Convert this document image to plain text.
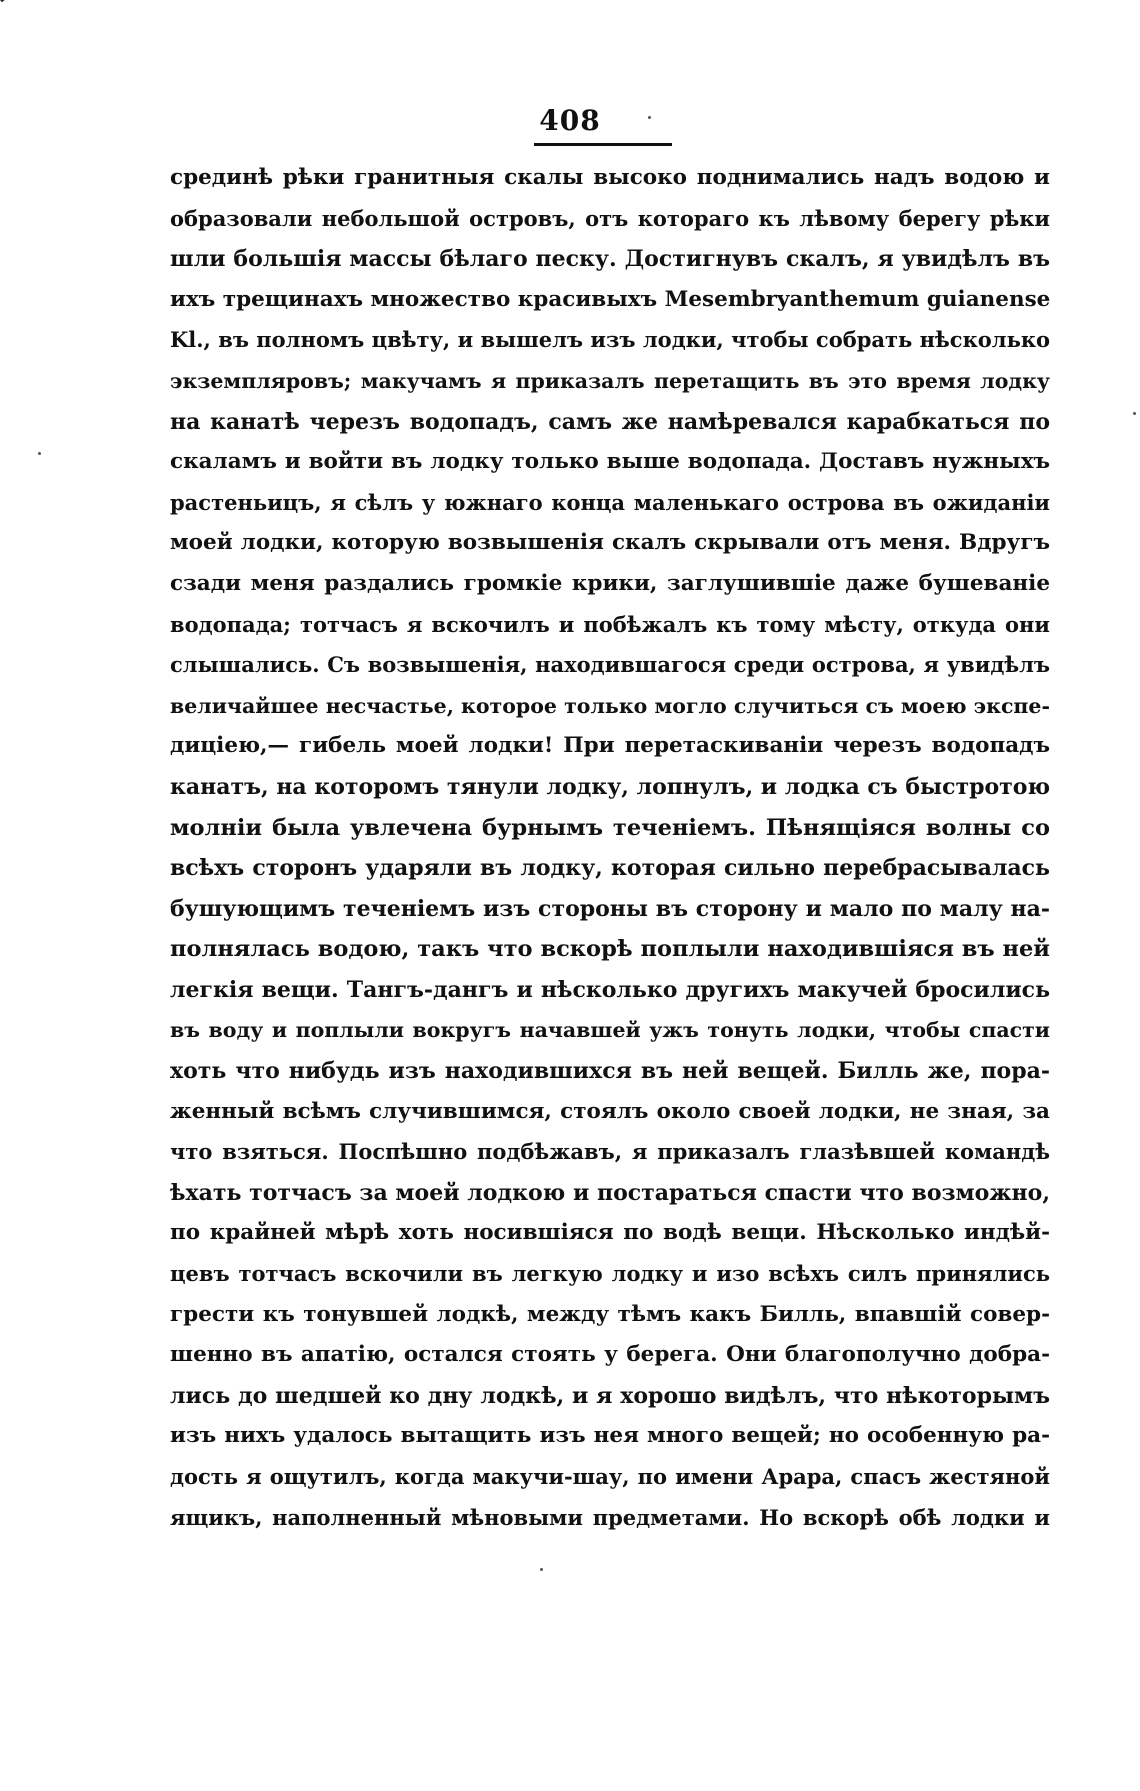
408
срединѣ рѣки гранитныя скалы высоко поднимались надъ водою и
образовали небольшой островъ, отъ котораго къ лѣвому берегу рѣки
шли большія массы бѣлаго песку. Достигнувъ скалъ, я увидѣлъ въ
ихъ трещинахъ множество красивыхъ Mesembryanthemum guianense
Kl., въ полномъ цвѣту, и вышелъ изъ лодки, чтобы собрать нѣсколько
экземпляровъ; макучамъ я приказалъ перетащить въ это время лодку
на канатѣ черезъ водопадъ, самъ же намѣревался карабкаться по
скаламъ и войти въ лодку только выше водопада. Доставъ нужныхъ
растеньицъ, я сѣлъ у южнаго конца маленькаго острова въ ожиданіи
моей лодки, которую возвышенія скалъ скрывали отъ меня. Вдругъ
сзади меня раздались громкіе крики, заглушившіе даже бушеваніе
водопада; тотчасъ я вскочилъ и побѣжалъ къ тому мѣсту, откуда они
слышались. Съ возвышенія, находившагося среди острова, я увидѣлъ
величайшее несчастье, которое только могло случиться съ моею экспе-
дицiею,— гибель моей лодки! При перетаскиваніи черезъ водопадъ
канатъ, на которомъ тянули лодку, лопнулъ, и лодка съ быстротою
молніи была увлечена бурнымъ теченіемъ. Пѣнящіяся волны со
всѣхъ сторонъ ударяли въ лодку, которая сильно перебрасывалась
бушующимъ теченіемъ изъ стороны въ сторону и мало по малу на-
полнялась водою, такъ что вскорѣ поплыли находившіяся въ ней
легкія вещи. Тангъ-дангъ и нѣсколько другихъ макучей бросились
въ воду и поплыли вокругъ начавшей ужъ тонуть лодки, чтобы спасти
хоть что нибудь изъ находившихся въ ней вещей. Билль же, пора-
женный всѣмъ случившимся, стоялъ около своей лодки, не зная, за
что взяться. Поспѣшно подбѣжавъ, я приказалъ глазѣвшей командѣ
ѣхать тотчасъ за моей лодкою и постараться спасти что возможно,
по крайней мѣрѣ хоть носившіяся по водѣ вещи. Нѣсколько индѣй-
цевъ тотчасъ вскочили въ легкую лодку и изо всѣхъ силъ принялись
грести къ тонувшей лодкѣ, между тѣмъ какъ Билль, впавшій совер-
шенно въ апатію, остался стоять у берега. Они благополучно добра-
лись до шедшей ко дну лодкѣ, и я хорошо видѣлъ, что нѣкоторымъ
изъ нихъ удалось вытащить изъ нея много вещей; но особенную ра-
дость я ощутилъ, когда макучи-шау, по имени Арара, спасъ жестяной
ящикъ, наполненный мѣновыми предметами. Но вскорѣ обѣ лодки и
